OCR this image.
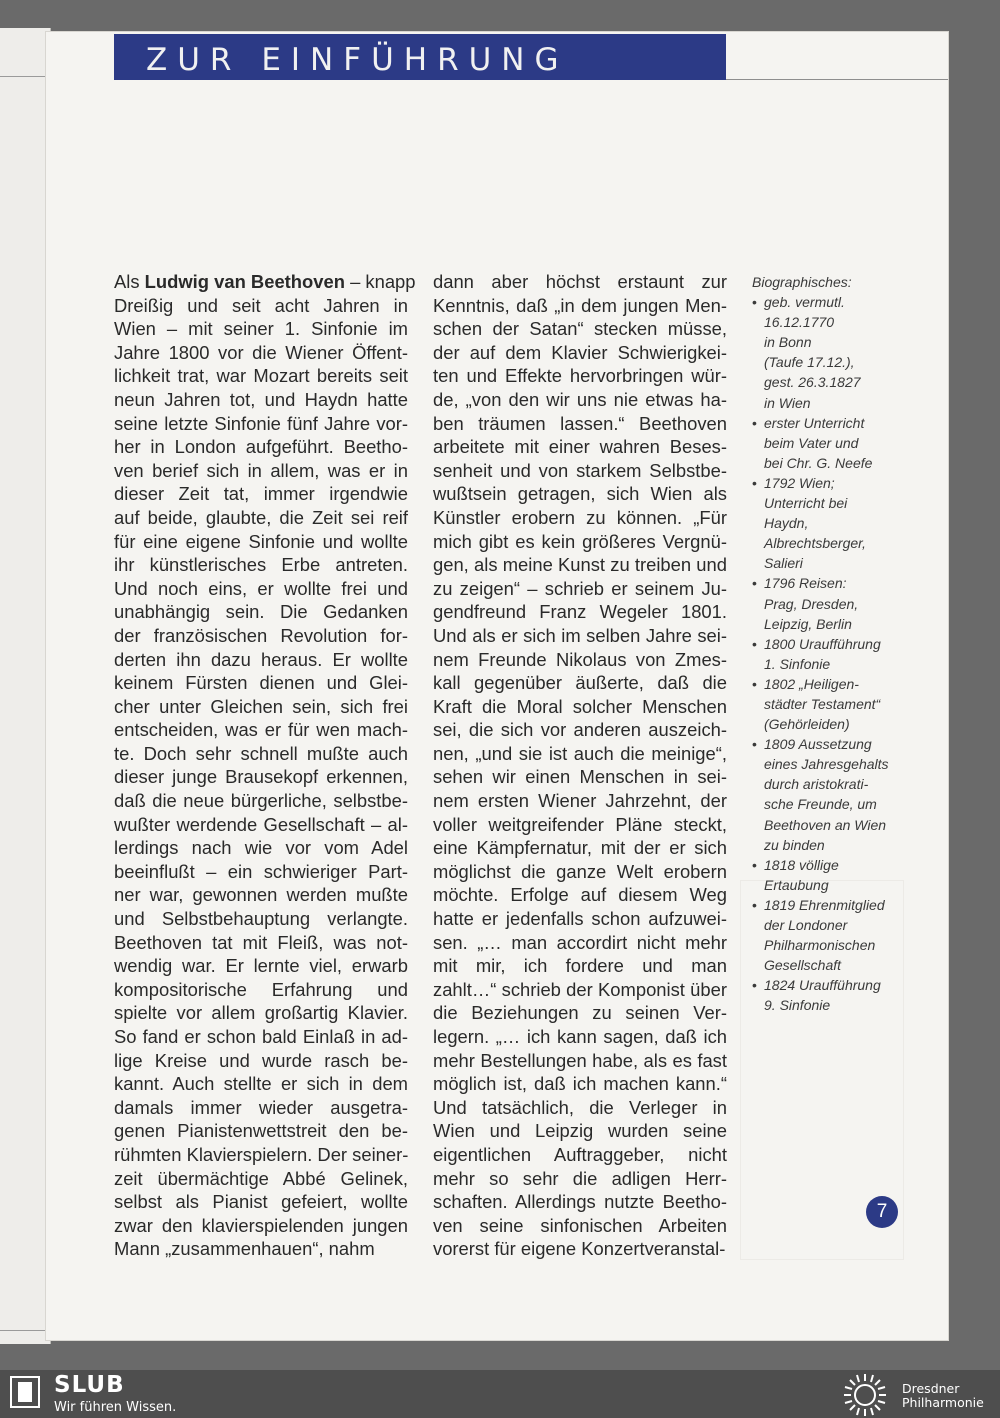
ZUR EINFÜHRUNG
Als Ludwig van Beethoven – knapp
Dreißig und seit acht Jahren in
Wien – mit seiner 1. Sinfonie im
Jahre 1800 vor die Wiener Öffent-
lichkeit trat, war Mozart bereits seit
neun Jahren tot, und Haydn hatte
seine letzte Sinfonie fünf Jahre vor-
her in London aufgeführt. Beetho-
ven berief sich in allem, was er in
dieser Zeit tat, immer irgendwie
auf beide, glaubte, die Zeit sei reif
für eine eigene Sinfonie und wollte
ihr künstlerisches Erbe antreten.
Und noch eins, er wollte frei und
unabhängig sein. Die Gedanken
der französischen Revolution for-
derten ihn dazu heraus. Er wollte
keinem Fürsten dienen und Glei-
cher unter Gleichen sein, sich frei
entscheiden, was er für wen mach-
te. Doch sehr schnell mußte auch
dieser junge Brausekopf erkennen,
daß die neue bürgerliche, selbstbe-
wußter werdende Gesellschaft – al-
lerdings nach wie vor vom Adel
beeinflußt – ein schwieriger Part-
ner war, gewonnen werden mußte
und Selbstbehauptung verlangte.
Beethoven tat mit Fleiß, was not-
wendig war. Er lernte viel, erwarb
kompositorische Erfahrung und
spielte vor allem großartig Klavier.
So fand er schon bald Einlaß in ad-
lige Kreise und wurde rasch be-
kannt. Auch stellte er sich in dem
damals immer wieder ausgetra-
genen Pianistenwettstreit den be-
rühmten Klavierspielern. Der seiner-
zeit übermächtige Abbé Gelinek,
selbst als Pianist gefeiert, wollte
zwar den klavierspielenden jungen
Mann „zusammenhauen“, nahm
dann aber höchst erstaunt zur
Kenntnis, daß „in dem jungen Men-
schen der Satan“ stecken müsse,
der auf dem Klavier Schwierigkei-
ten und Effekte hervorbringen wür-
de, „von den wir uns nie etwas ha-
ben träumen lassen.“ Beethoven
arbeitete mit einer wahren Beses-
senheit und von starkem Selbstbe-
wußtsein getragen, sich Wien als
Künstler erobern zu können. „Für
mich gibt es kein größeres Vergnü-
gen, als meine Kunst zu treiben und
zu zeigen“ – schrieb er seinem Ju-
gendfreund Franz Wegeler 1801.
Und als er sich im selben Jahre sei-
nem Freunde Nikolaus von Zmes-
kall gegenüber äußerte, daß die
Kraft die Moral solcher Menschen
sei, die sich vor anderen auszeich-
nen, „und sie ist auch die meinige“,
sehen wir einen Menschen in sei-
nem ersten Wiener Jahrzehnt, der
voller weitgreifender Pläne steckt,
eine Kämpfernatur, mit der er sich
möglichst die ganze Welt erobern
möchte. Erfolge auf diesem Weg
hatte er jedenfalls schon aufzuwei-
sen. „… man accordirt nicht mehr
mit mir, ich fordere und man
zahlt…“ schrieb der Komponist über
die Beziehungen zu seinen Ver-
legern. „… ich kann sagen, daß ich
mehr Bestellungen habe, als es fast
möglich ist, daß ich machen kann.“
Und tatsächlich, die Verleger in
Wien und Leipzig wurden seine
eigentlichen Auftraggeber, nicht
mehr so sehr die adligen Herr-
schaften. Allerdings nutzte Beetho-
ven seine sinfonischen Arbeiten
vorerst für eigene Konzertveranstal-
Biographisches:
• geb. vermutl.
16.12.1770
in Bonn
(Taufe 17.12.),
gest. 26.3.1827
in Wien
• erster Unterricht
beim Vater und
bei Chr. G. Neefe
• 1792 Wien;
Unterricht bei
Haydn,
Albrechtsberger,
Salieri
• 1796 Reisen:
Prag, Dresden,
Leipzig, Berlin
• 1800 Uraufführung
1. Sinfonie
• 1802 „Heiligen-
städter Testament“
(Gehörleiden)
• 1809 Aussetzung
eines Jahresgehalts
durch aristokrati-
sche Freunde, um
Beethoven an Wien
zu binden
• 1818 völlige
Ertaubung
• 1819 Ehrenmitglied
der Londoner
Philharmonischen
Gesellschaft
• 1824 Uraufführung
9. Sinfonie
7
SLUB
Wir führen Wissen.
Dresdner
Philharmonie
